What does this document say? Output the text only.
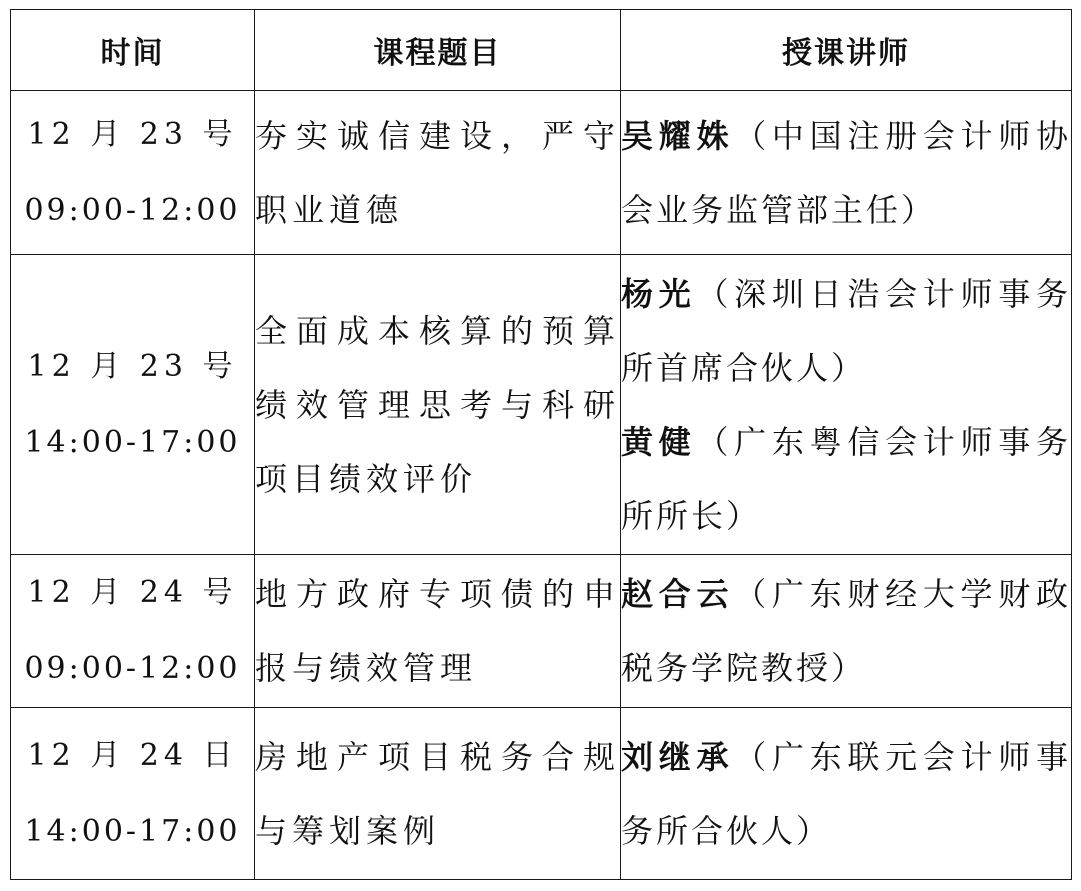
时间	课程题目	授课讲师

12 月 23 号
09:00-12:00	夯实诚信建设，严守职业道德	吴耀姝（中国注册会计师协会业务监管部主任）

12 月 23 号
14:00-17:00	全面成本核算的预算绩效管理思考与科研项目绩效评价	杨光（深圳日浩会计师事务所首席合伙人）黄健（广东粤信会计师事务所所长）

12 月 24 号
09:00-12:00	地方政府专项债的申报与绩效管理	赵合云（广东财经大学财政税务学院教授）

12 月 24 日
14:00-17:00	房地产项目税务合规与筹划案例	刘继承（广东联元会计师事务所合伙人）
